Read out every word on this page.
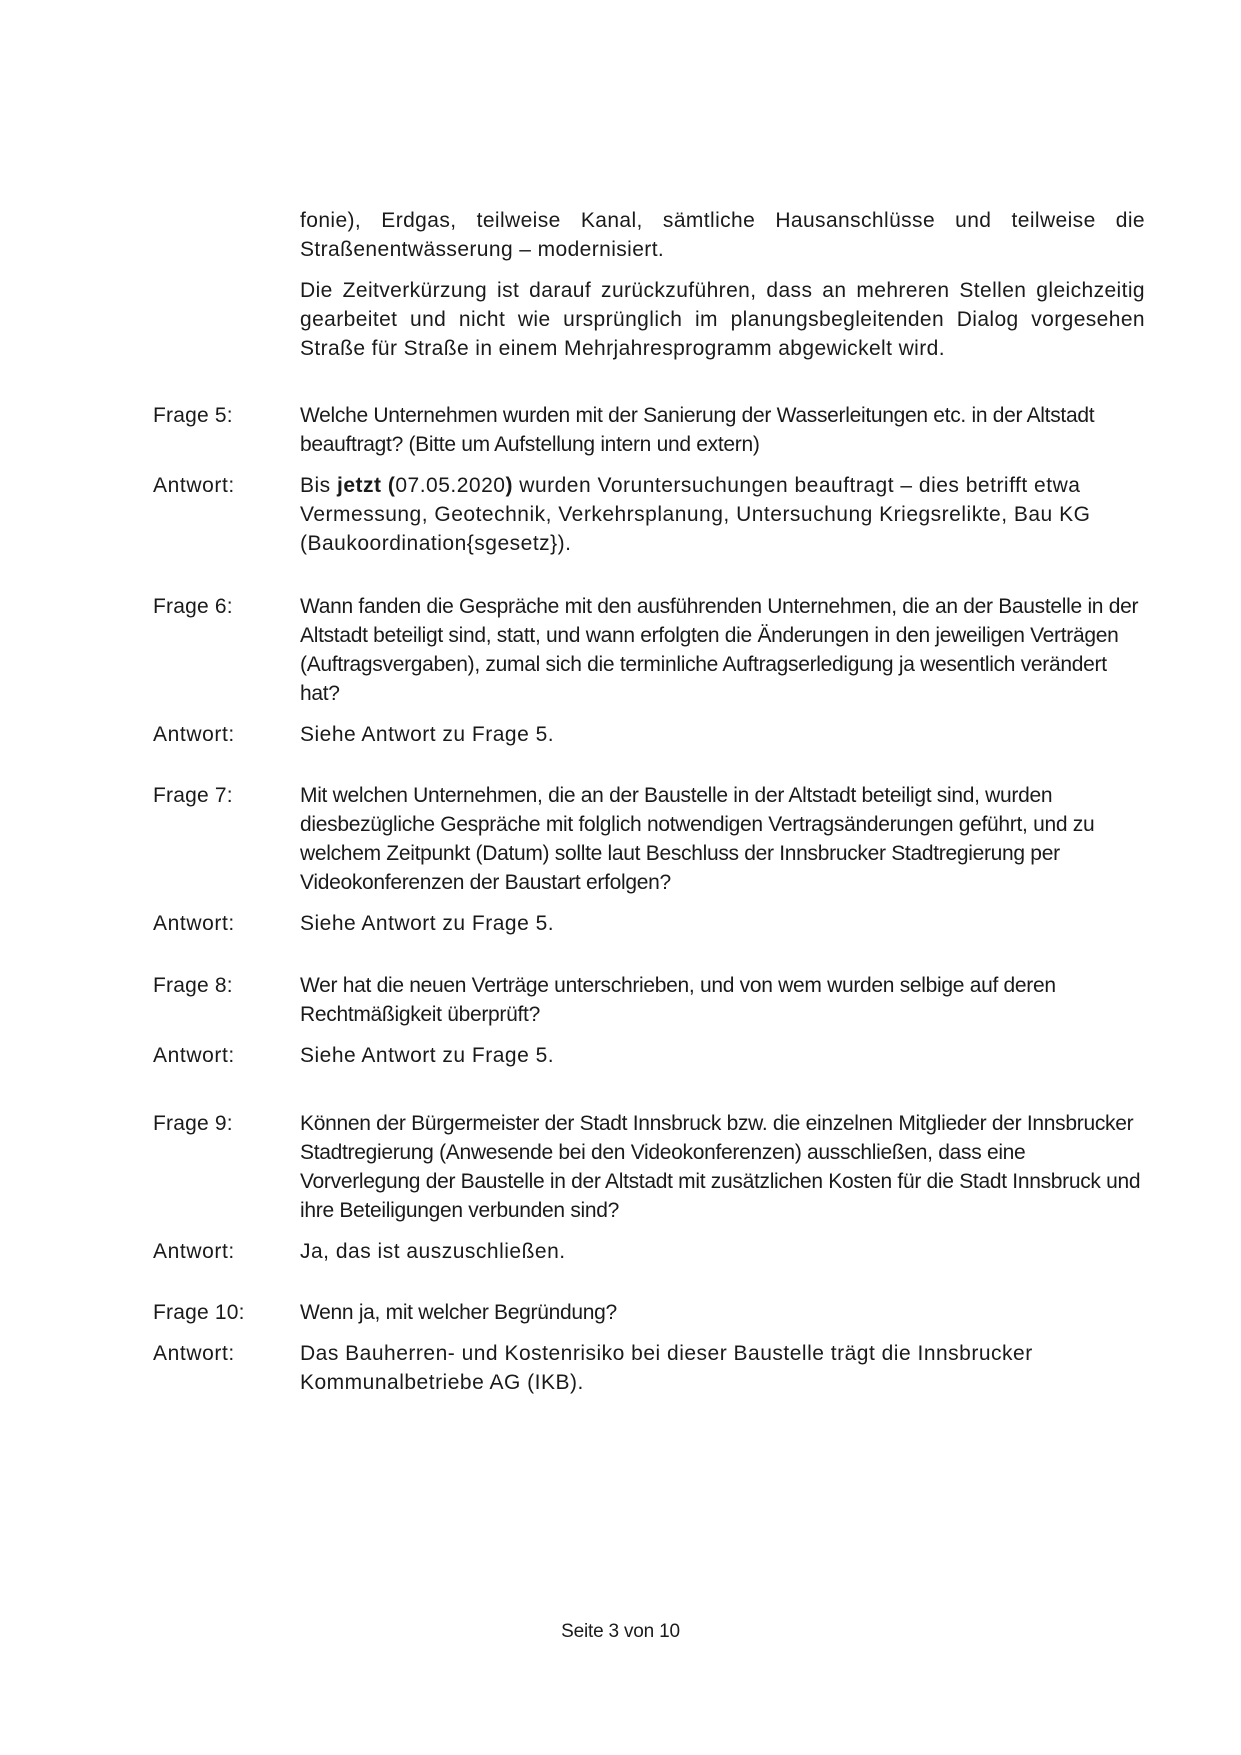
fonie), Erdgas, teilweise Kanal, sämtliche Hausanschlüsse und teilweise die Straßenentwässerung – modernisiert.

Die Zeitverkürzung ist darauf zurückzuführen, dass an mehreren Stellen gleichzeitig gearbeitet und nicht wie ursprünglich im planungsbegleitenden Dialog vorgesehen Straße für Straße in einem Mehrjahresprogramm abgewickelt wird.

Frage 5:	Welche Unternehmen wurden mit der Sanierung der Wasserleitungen etc. in der Altstadt beauftragt? (Bitte um Aufstellung intern und extern)
Antwort:	Bis jetzt (07.05.2020) wurden Voruntersuchungen beauftragt – dies betrifft etwa Vermessung, Geotechnik, Verkehrsplanung, Untersuchung Kriegsrelikte, Bau KG (Baukoordination{sgesetz}).
Frage 6:	Wann fanden die Gespräche mit den ausführenden Unternehmen, die an der Baustelle in der Altstadt beteiligt sind, statt, und wann erfolgten die Änderungen in den jeweiligen Verträgen (Auftragsvergaben), zumal sich die terminliche Auftragserledigung ja wesentlich verändert hat?
Antwort:	Siehe Antwort zu Frage 5.
Frage 7:	Mit welchen Unternehmen, die an der Baustelle in der Altstadt beteiligt sind, wurden diesbezügliche Gespräche mit folglich notwendigen Vertragsänderungen geführt, und zu welchem Zeitpunkt (Datum) sollte laut Beschluss der Innsbrucker Stadtregierung per Videokonferenzen der Baustart erfolgen?
Antwort:	Siehe Antwort zu Frage 5.
Frage 8:	Wer hat die neuen Verträge unterschrieben, und von wem wurden selbige auf deren Rechtmäßigkeit überprüft?
Antwort:	Siehe Antwort zu Frage 5.
Frage 9:	Können der Bürgermeister der Stadt Innsbruck bzw. die einzelnen Mitglieder der Innsbrucker Stadtregierung (Anwesende bei den Videokonferenzen) ausschließen, dass eine Vorverlegung der Baustelle in der Altstadt mit zusätzlichen Kosten für die Stadt Innsbruck und ihre Beteiligungen verbunden sind?
Antwort:	Ja, das ist auszuschließen.
Frage 10:	Wenn ja, mit welcher Begründung?
Antwort:	Das Bauherren- und Kostenrisiko bei dieser Baustelle trägt die Innsbrucker Kommunalbetriebe AG (IKB).
Seite 3 von 10
